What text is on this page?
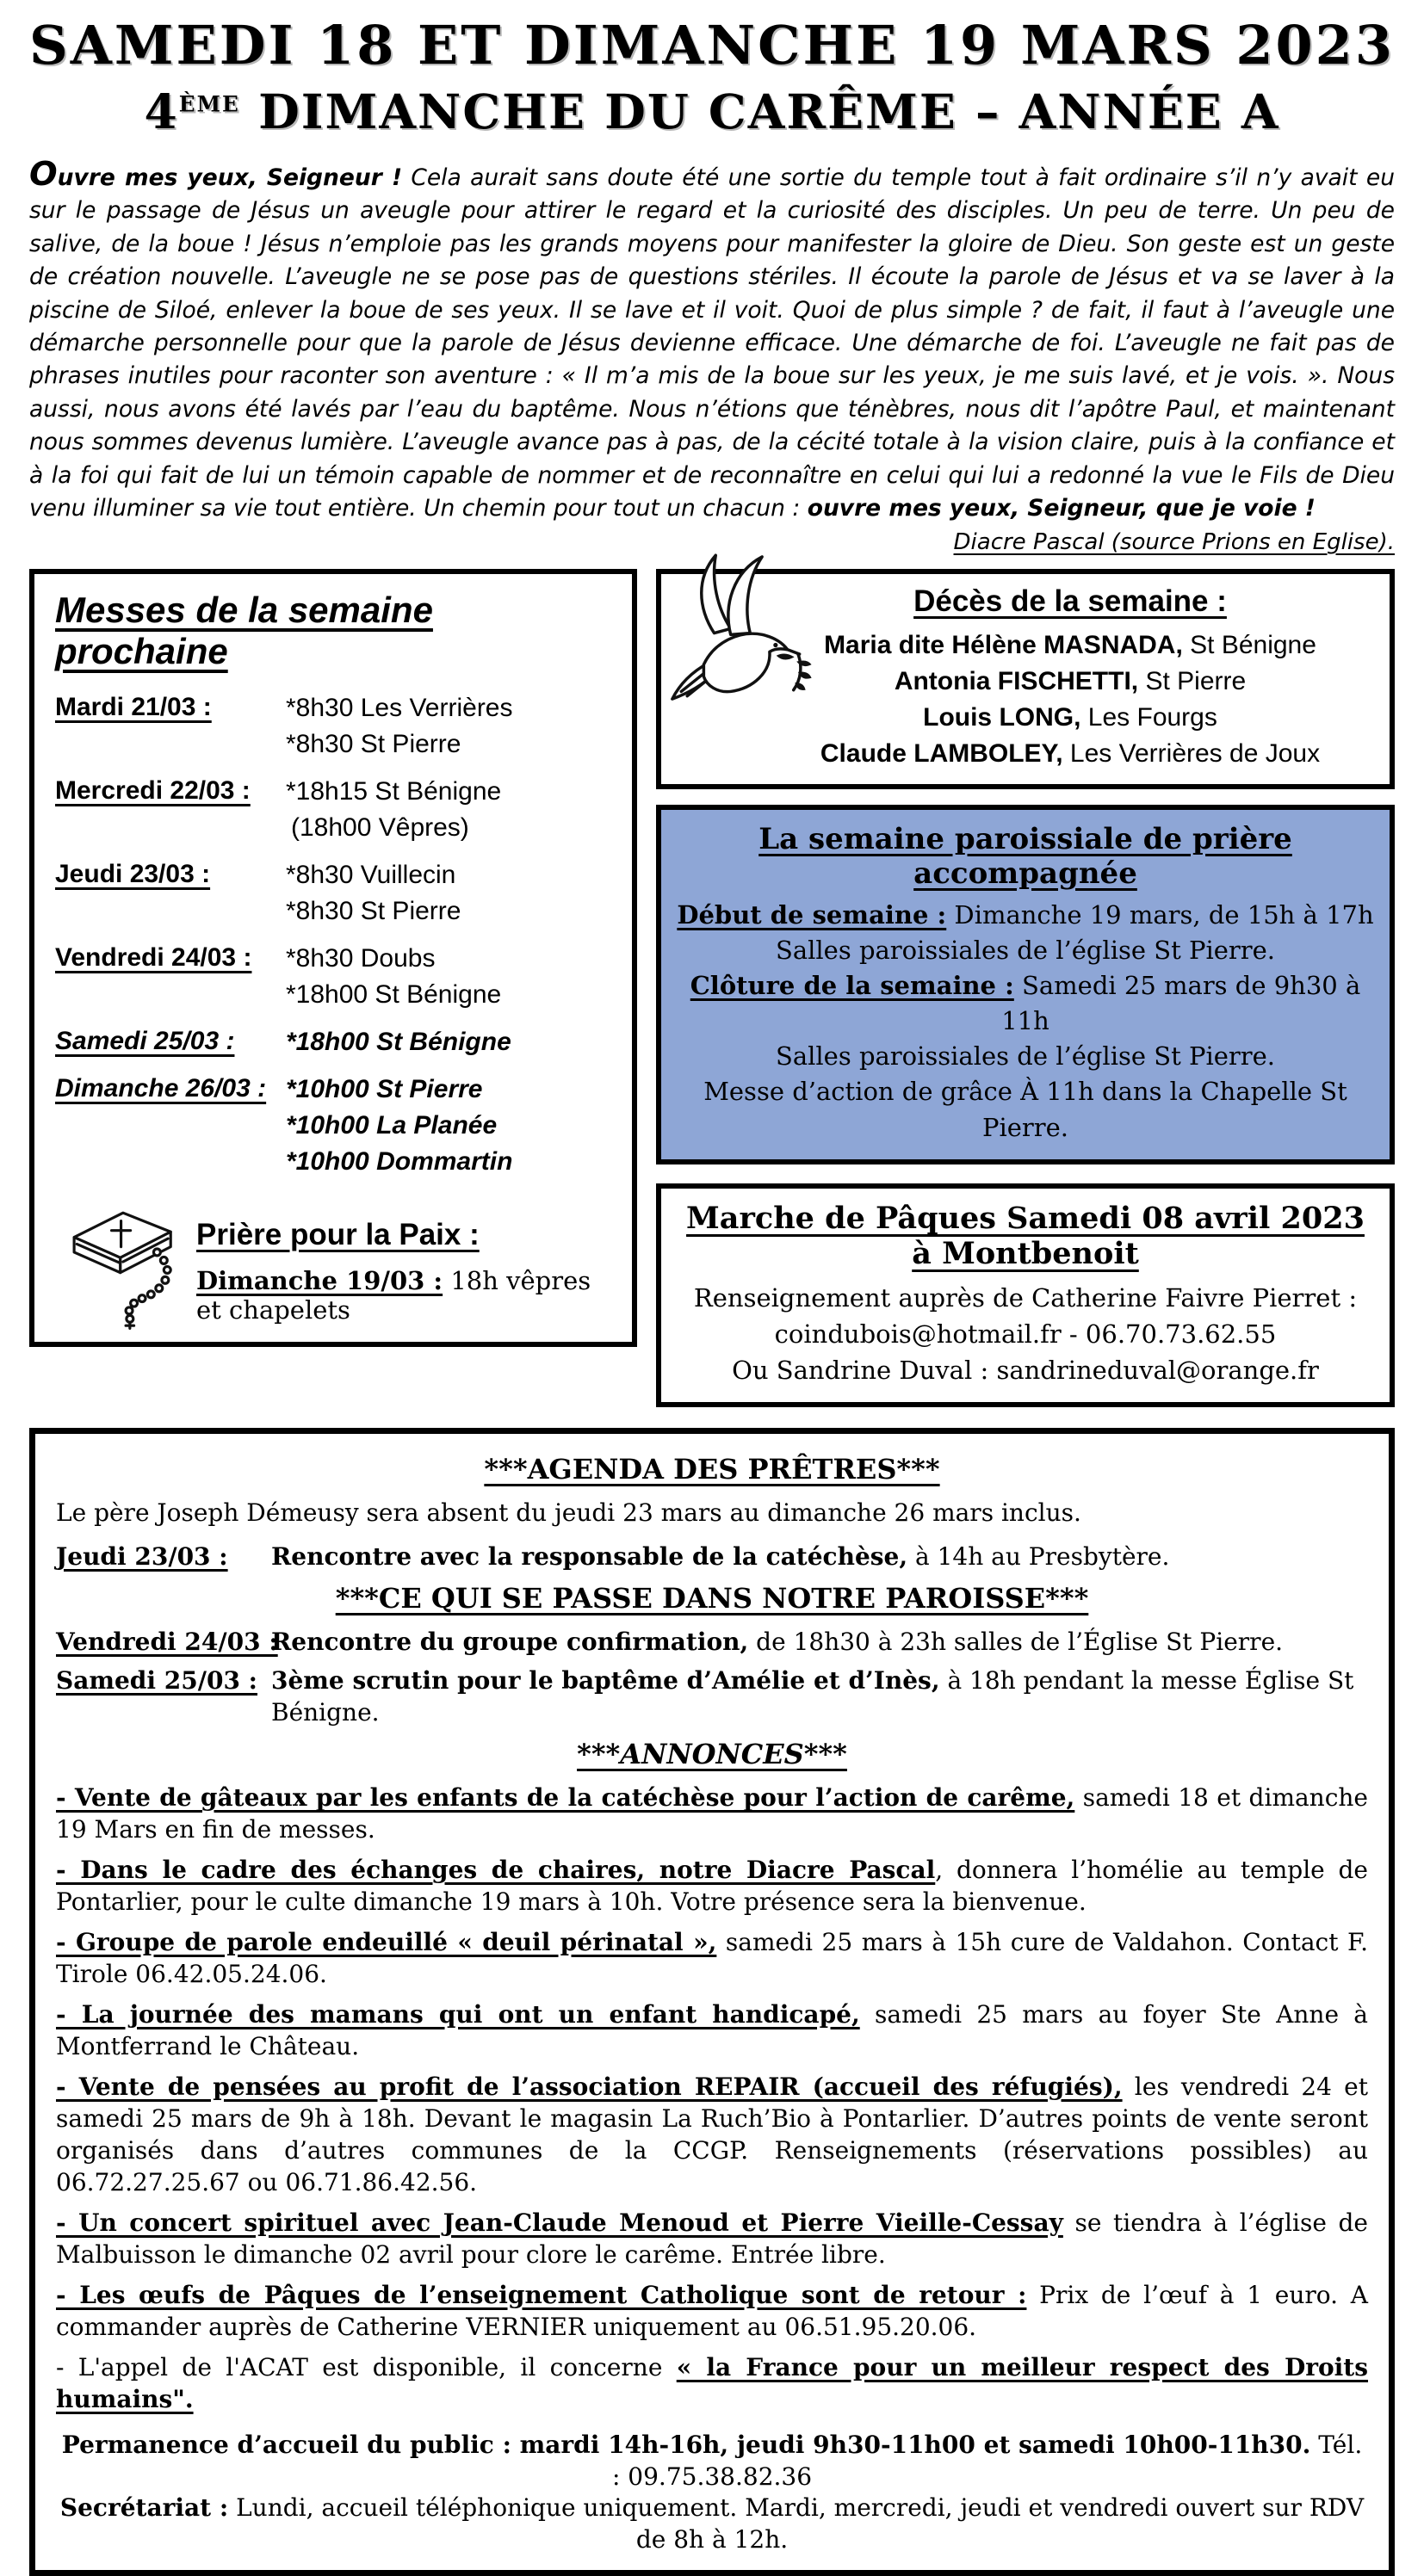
SAMEDI 18 ET DIMANCHE 19 MARS 2023
4ÈME DIMANCHE DU CARÊME – ANNÉE A
Ouvre mes yeux, Seigneur ! Cela aurait sans doute été une sortie du temple tout à fait ordinaire s’il n’y avait eu sur le passage de Jésus un aveugle pour attirer le regard et la curiosité des disciples. Un peu de terre. Un peu de salive, de la boue ! Jésus n’emploie pas les grands moyens pour manifester la gloire de Dieu. Son geste est un geste de création nouvelle. L’aveugle ne se pose pas de questions stériles. Il écoute la parole de Jésus et va se laver à la piscine de Siloé, enlever la boue de ses yeux. Il se lave et il voit. Quoi de plus simple ? de fait, il faut à l’aveugle une démarche personnelle pour que la parole de Jésus devienne efficace. Une démarche de foi. L’aveugle ne fait pas de phrases inutiles pour raconter son aventure : « Il m’a mis de la boue sur les yeux, je me suis lavé, et je vois. ». Nous aussi, nous avons été lavés par l’eau du baptême. Nous n’étions que ténèbres, nous dit l’apôtre Paul, et maintenant nous sommes devenus lumière. L’aveugle avance pas à pas, de la cécité totale à la vision claire, puis à la confiance et à la foi qui fait de lui un témoin capable de nommer et de reconnaître en celui qui lui a redonné la vue le Fils de Dieu venu illuminer sa vie tout entière. Un chemin pour tout un chacun : ouvre mes yeux, Seigneur, que je voie !
Diacre Pascal (source Prions en Eglise).
Messes de la semaine prochaine
Mardi 21/03 :	*8h30 Les Verrières
*8h30 St Pierre
Mercredi 22/03 :	*18h15 St Bénigne
(18h00 Vêpres)
Jeudi 23/03 :	*8h30 Vuillecin
*8h30 St Pierre
Vendredi 24/03 :	*8h30 Doubs
*18h00 St Bénigne
Samedi 25/03 :	*18h00 St Bénigne
Dimanche 26/03 : *10h00 St Pierre
*10h00 La Planée
*10h00 Dommartin
Prière pour la Paix :
Dimanche 19/03 : 18h vêpres et chapelets
Décès de la semaine :
Maria dite Hélène MASNADA, St Bénigne
Antonia FISCHETTI, St Pierre
Louis LONG, Les Fourgs
Claude LAMBOLEY, Les Verrières de Joux
La semaine paroissiale de prière accompagnée
Début de semaine : Dimanche 19 mars, de 15h à 17h
Salles paroissiales de l’église St Pierre.
Clôture de la semaine : Samedi 25 mars de 9h30 à 11h
Salles paroissiales de l’église St Pierre.
Messe d’action de grâce À 11h dans la Chapelle St Pierre.
Marche de Pâques Samedi 08 avril 2023 à Montbenoit
Renseignement auprès de Catherine Faivre Pierret :
coindubois@hotmail.fr - 06.70.73.62.55
Ou Sandrine Duval : sandrineduval@orange.fr
***AGENDA DES PRÊTRES***
Le père Joseph Démeusy sera absent du jeudi 23 mars au dimanche 26 mars inclus.
Jeudi 23/03 :	Rencontre avec la responsable de la catéchèse, à 14h au Presbytère.
***CE QUI SE PASSE DANS NOTRE PAROISSE***
Vendredi 24/03 :
Rencontre du groupe confirmation, de 18h30 à 23h salles de l’Église St Pierre.
Samedi 25/03 : 3ème scrutin pour le baptême d’Amélie et d’Inès, à 18h pendant la messe Église St Bénigne.
***ANNONCES***
- Vente de gâteaux par les enfants de la catéchèse pour l’action de carême, samedi 18 et dimanche 19 Mars en fin de messes.
- Dans le cadre des échanges de chaires, notre Diacre Pascal, donnera l’homélie au temple de Pontarlier, pour le culte dimanche 19 mars à 10h. Votre présence sera la bienvenue.
- Groupe de parole endeuillé « deuil périnatal », samedi 25 mars à 15h cure de Valdahon. Contact F. Tirole 06.42.05.24.06.
- La journée des mamans qui ont un enfant handicapé, samedi 25 mars au foyer Ste Anne à Montferrand le Château.
- Vente de pensées au profit de l’association REPAIR (accueil des réfugiés), les vendredi 24 et samedi 25 mars de 9h à 18h. Devant le magasin La Ruch’Bio à Pontarlier. D’autres points de vente seront organisés dans d’autres communes de la CCGP. Renseignements (réservations possibles) au 06.72.27.25.67 ou 06.71.86.42.56.
- Un concert spirituel avec Jean-Claude Menoud et Pierre Vieille-Cessay se tiendra à l’église de Malbuisson le dimanche 02 avril pour clore le carême. Entrée libre.
- Les œufs de Pâques de l’enseignement Catholique sont de retour : Prix de l’œuf à 1 euro. A commander auprès de Catherine VERNIER uniquement au 06.51.95.20.06.
- L'appel de l'ACAT est disponible, il concerne « la France pour un meilleur respect des Droits humains".
Permanence d’accueil du public : mardi 14h-16h, jeudi 9h30-11h00 et samedi 10h00-11h30. Tél. : 09.75.38.82.36
Secrétariat : Lundi, accueil téléphonique uniquement. Mardi, mercredi, jeudi et vendredi ouvert sur RDV de 8h à 12h.
